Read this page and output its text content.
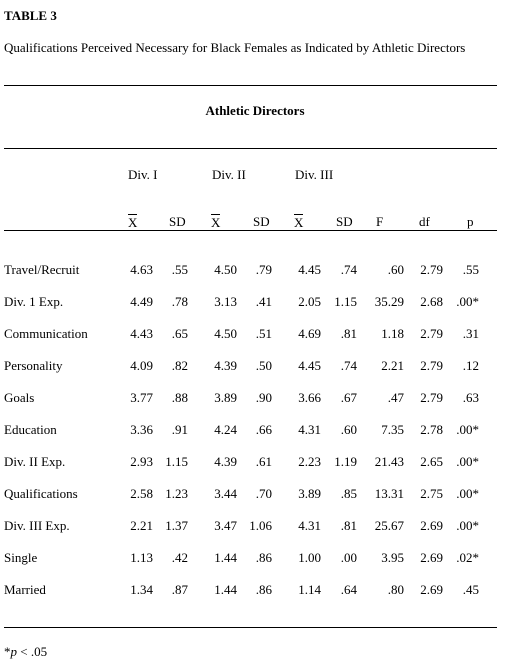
TABLE 3
Qualifications Perceived Necessary for Black Females as Indicated by Athletic Directors
Athletic Directors
Div. I	Div. II	Div. III
X SD X	SD X	SD F	df	p
Travel/Recruit	4.63 .55 4.50 .79 4.45 .74 .60 2.79 .55
Div. 1 Exp.	4.49 .78 3.13 .41 2.05 1.15 35.29 2.68 .00*
Communication	4.43 .65 4.50 .51 4.69 .81 1.18 2.79 .31
Personality	4.09 .82 4.39 .50 4.45 .74 2.21 2.79 .12
Goals	3.77 .88 3.89 .90 3.66 .67 .47 2.79 .63
Education	3.36 .91 4.24 .66 4.31 .60 7.35 2.78 .00*
Div. II Exp.	2.93 1.15 4.39 .61 2.23 1.19 21.43 2.65 .00*
Qualifications	2.58 1.23 3.44 .70 3.89 .85 13.31 2.75 .00*
Div. III Exp.	2.21 1.37 3.47 1.06 4.31 .81 25.67 2.69 .00*
Single	1.13 .42 1.44 .86 1.00 .00 3.95 2.69 .02*
Married	1.34 .87 1.44 .86 1.14 .64 .80 2.69 .45
*p < .05
